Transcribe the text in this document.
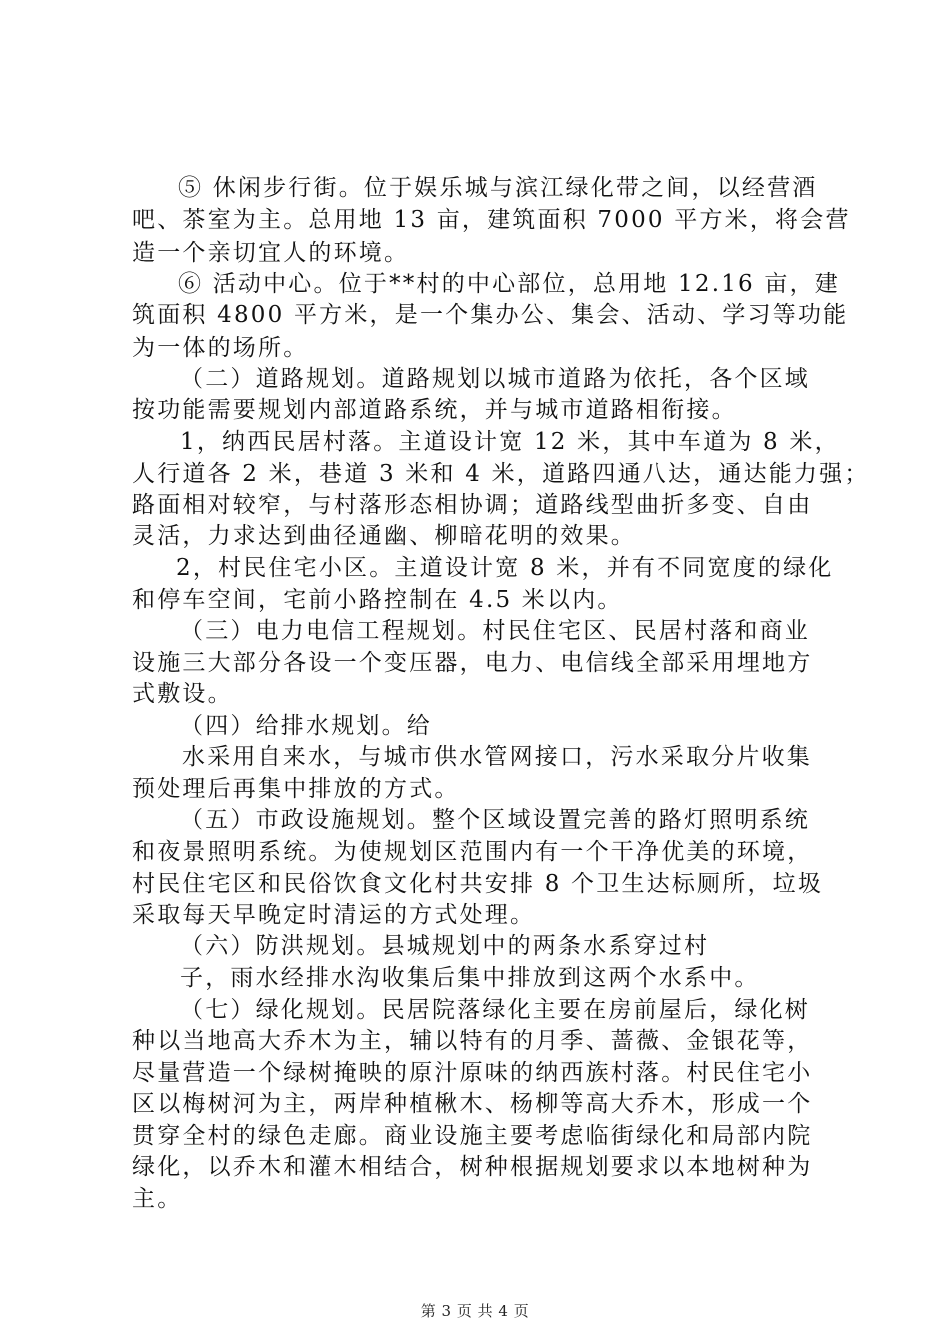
⑤ 休闲步行街。位于娱乐城与滨江绿化带之间，以经营酒
吧、茶室为主。总用地 13 亩，建筑面积 7000 平方米，将会营
造一个亲切宜人的环境。
⑥ 活动中心。位于**村的中心部位，总用地 12.16 亩，建
筑面积 4800 平方米，是一个集办公、集会、活动、学习等功能
为一体的场所。
（二）道路规划。道路规划以城市道路为依托，各个区域
按功能需要规划内部道路系统，并与城市道路相衔接。
1，纳西民居村落。主道设计宽 12 米，其中车道为 8 米，
人行道各 2 米，巷道 3 米和 4 米，道路四通八达，通达能力强；
路面相对较窄，与村落形态相协调；道路线型曲折多变、自由
灵活，力求达到曲径通幽、柳暗花明的效果。
2，村民住宅小区。主道设计宽 8 米，并有不同宽度的绿化
和停车空间，宅前小路控制在 4.5 米以内。
（三）电力电信工程规划。村民住宅区、民居村落和商业
设施三大部分各设一个变压器，电力、电信线全部采用埋地方
式敷设。
（四）给排水规划。给
水采用自来水，与城市供水管网接口，污水采取分片收集
预处理后再集中排放的方式。
（五）市政设施规划。整个区域设置完善的路灯照明系统
和夜景照明系统。为使规划区范围内有一个干净优美的环境，
村民住宅区和民俗饮食文化村共安排 8 个卫生达标厕所，垃圾
采取每天早晚定时清运的方式处理。
（六）防洪规划。县城规划中的两条水系穿过村
子，雨水经排水沟收集后集中排放到这两个水系中。
（七）绿化规划。民居院落绿化主要在房前屋后，绿化树
种以当地高大乔木为主，辅以特有的月季、蔷薇、金银花等，
尽量营造一个绿树掩映的原汁原味的纳西族村落。村民住宅小
区以梅树河为主，两岸种植楸木、杨柳等高大乔木，形成一个
贯穿全村的绿色走廊。商业设施主要考虑临街绿化和局部内院
绿化，以乔木和灌木相结合，树种根据规划要求以本地树种为
主。
第 3 页 共 4 页
